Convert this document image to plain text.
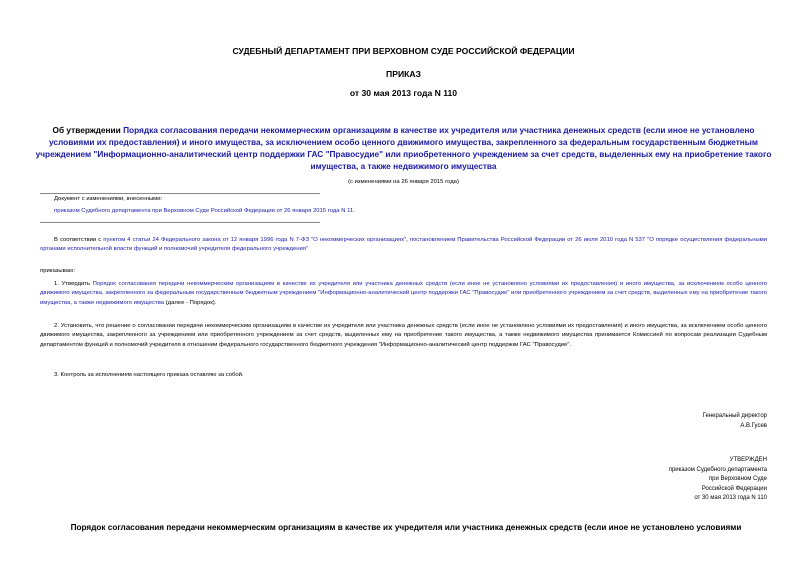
СУДЕБНЫЙ ДЕПАРТАМЕНТ ПРИ ВЕРХОВНОМ СУДЕ РОССИЙСКОЙ ФЕДЕРАЦИИ
ПРИКАЗ
от 30 мая 2013 года N 110
Об утверждении Порядка согласования передачи некоммерческим организациям в качестве их учредителя или участника денежных средств (если иное не установлено условиями их предоставления) и иного имущества, за исключением особо ценного движимого имущества, закрепленного за федеральным государственным бюджетным учреждением "Информационно-аналитический центр поддержки ГАС "Правосудие" или приобретенного учреждением за счет средств, выделенных ему на приобретение такого имущества, а также недвижимого имущества
(с изменениями на 26 января 2015 года)
Документ с изменениями, внесенными:
приказом Судебного департамента при Верховном Суде Российской Федерации от 26 января 2015 года N 11.
В соответствии с пунктом 4 статьи 24 Федерального закона от 12 января 1996 года N 7-ФЗ "О некоммерческих организациях", постановлением Правительства Российской Федерации от 26 июля 2010 года N 537 "О порядке осуществления федеральными органами исполнительной власти функций и полномочий учредителя федерального учреждения"
приказываю:
1. Утвердить Порядок согласования передачи некоммерческим организациям в качестве их учредителя или участника денежных средств (если иное не установлено условиями их предоставления) и иного имущества, за исключением особо ценного движимого имущества, закрепленного за федеральным государственным бюджетным учреждением "Информационно-аналитический центр поддержки ГАС "Правосудие" или приобретенного учреждением за счет средств, выделенных ему на приобретение такого имущества, а также недвижимого имущества (далее - Порядок).
2. Установить, что решение о согласовании передачи некоммерческим организациям в качестве их учредителя или участника денежных средств (если иное не установлено условиями их предоставления) и иного имущества, за исключением особо ценного движимого имущества, закрепленного за учреждением или приобретенного учреждением за счет средств, выделенных ему на приобретение такого имущества, а также недвижимого имущества принимается Комиссией по вопросам реализации Судебным департаментом функций и полномочий учредителя в отношении федерального государственного бюджетного учреждения "Информационно-аналитический центр поддержки ГАС "Правосудие".
3. Контроль за исполнением настоящего приказа оставляю за собой.
Генеральный директор
А.В.Гусев
УТВЕРЖДЕН
приказом Судебного департамента
при Верховном Суде
Российской Федерации
от 30 мая 2013 года N 110
Порядок согласования передачи некоммерческим организациям в качестве их учредителя или участника денежных средств (если иное не установлено условиями
